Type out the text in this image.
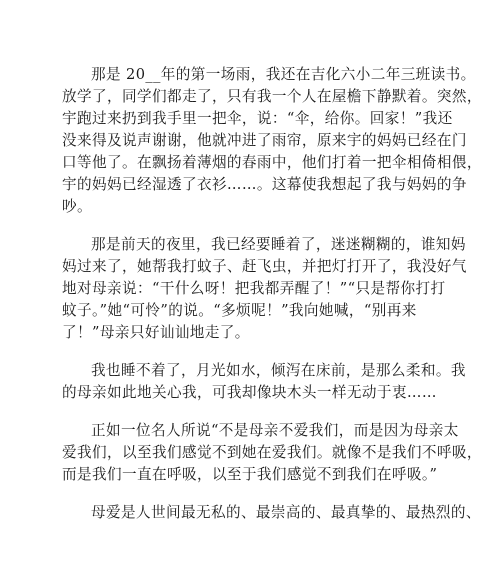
那是 20__年的第一场雨，我还在吉化六小二年三班读书。
放学了，同学们都走了，只有我一个人在屋檐下静默着。突然，
宇跑过来扔到我手里一把伞，说：“伞，给你。回家！”我还
没来得及说声谢谢，他就冲进了雨帘，原来宇的妈妈已经在门
口等他了。在飘扬着薄烟的春雨中，他们打着一把伞相倚相偎，
宇的妈妈已经湿透了衣衫……。这幕使我想起了我与妈妈的争
吵。
那是前天的夜里，我已经要睡着了，迷迷糊糊的，谁知妈
妈过来了，她帮我打蚊子、赶飞虫，并把灯打开了，我没好气
地对母亲说：“干什么呀！把我都弄醒了！”“只是帮你打打
蚊子。”她“可怜”的说。“多烦呢！”我向她喊，“别再来
了！”母亲只好讪讪地走了。
我也睡不着了，月光如水，倾泻在床前，是那么柔和。我
的母亲如此地关心我，可我却像块木头一样无动于衷……
正如一位名人所说“不是母亲不爱我们，而是因为母亲太
爱我们，以至我们感觉不到她在爱我们。就像不是我们不呼吸，
而是我们一直在呼吸，以至于我们感觉不到我们在呼吸。”
母爱是人世间最无私的、最崇高的、最真挚的、最热烈的、
